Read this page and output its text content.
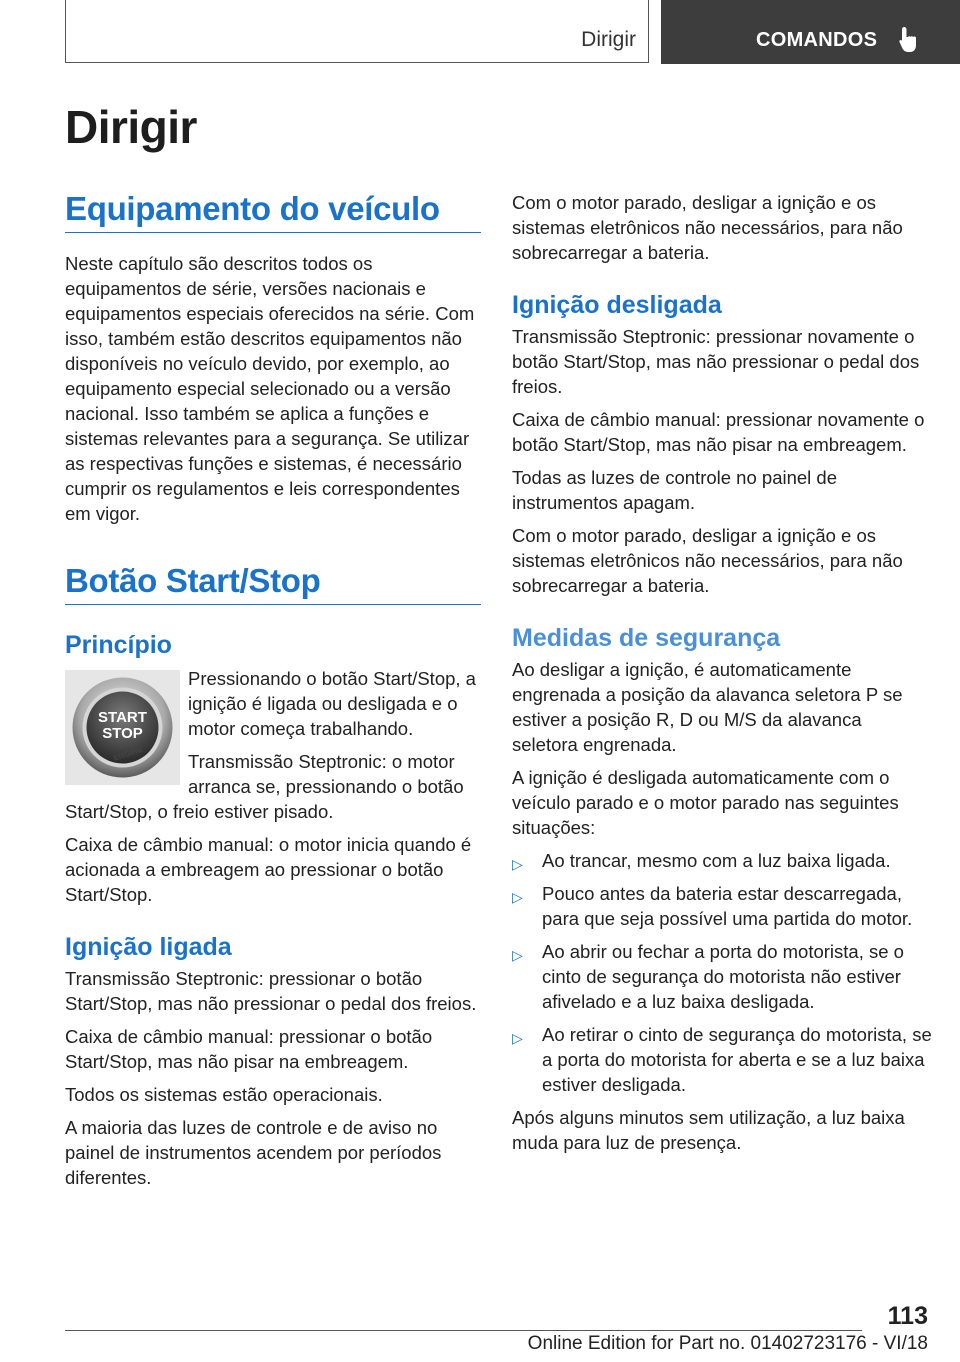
Dirigir	COMANDOS
Dirigir
Equipamento do veículo

Neste capítulo são descritos todos os equipamentos de série, versões nacionais e equipamentos especiais oferecidos na série. Com isso, também estão descritos equipamentos não disponíveis no veículo devido, por exemplo, ao equipamento especial selecionado ou a versão nacional. Isso também se aplica a funções e sistemas relevantes para a segurança. Se utilizar as respectivas funções e sistemas, é necessário cumprir os regulamentos e leis correspondentes em vigor.

Botão Start/Stop
Princípio
START
STOP
ENGINE

Pressionando o botão Start/Stop, a ignição é ligada ou desligada e o motor começa trabalhando.

Transmissão Steptronic: o motor arranca se, pressionando o botão Start/Stop, o freio estiver pisado.

Caixa de câmbio manual: o motor inicia quando é acionada a embreagem ao pressionar o botão Start/Stop.

Ignição ligada

Transmissão Steptronic: pressionar o botão Start/Stop, mas não pressionar o pedal dos freios.

Caixa de câmbio manual: pressionar o botão Start/Stop, mas não pisar na embreagem.

Todos os sistemas estão operacionais.

A maioria das luzes de controle e de aviso no painel de instrumentos acendem por períodos diferentes.

Com o motor parado, desligar a ignição e os sistemas eletrônicos não necessários, para não sobrecarregar a bateria.

Ignição desligada

Transmissão Steptronic: pressionar novamente o botão Start/Stop, mas não pressionar o pedal dos freios.

Caixa de câmbio manual: pressionar novamente o botão Start/Stop, mas não pisar na embreagem.

Todas as luzes de controle no painel de instrumentos apagam.

Com o motor parado, desligar a ignição e os sistemas eletrônicos não necessários, para não sobrecarregar a bateria.

Medidas de segurança

Ao desligar a ignição, é automaticamente engrenada a posição da alavanca seletora P se estiver a posição R, D ou M/S da alavanca seletora engrenada.

A ignição é desligada automaticamente com o veículo parado e o motor parado nas seguintes situações:

▷ Ao trancar, mesmo com a luz baixa ligada.
▷ Pouco antes da bateria estar descarregada, para que seja possível uma partida do motor.
▷ Ao abrir ou fechar a porta do motorista, se o cinto de segurança do motorista não estiver afivelado e a luz baixa desligada.
▷ Ao retirar o cinto de segurança do motorista, se a porta do motorista for aberta e se a luz baixa estiver desligada.

Após alguns minutos sem utilização, a luz baixa muda para luz de presença.

113
Online Edition for Part no. 01402723176 - VI/18
